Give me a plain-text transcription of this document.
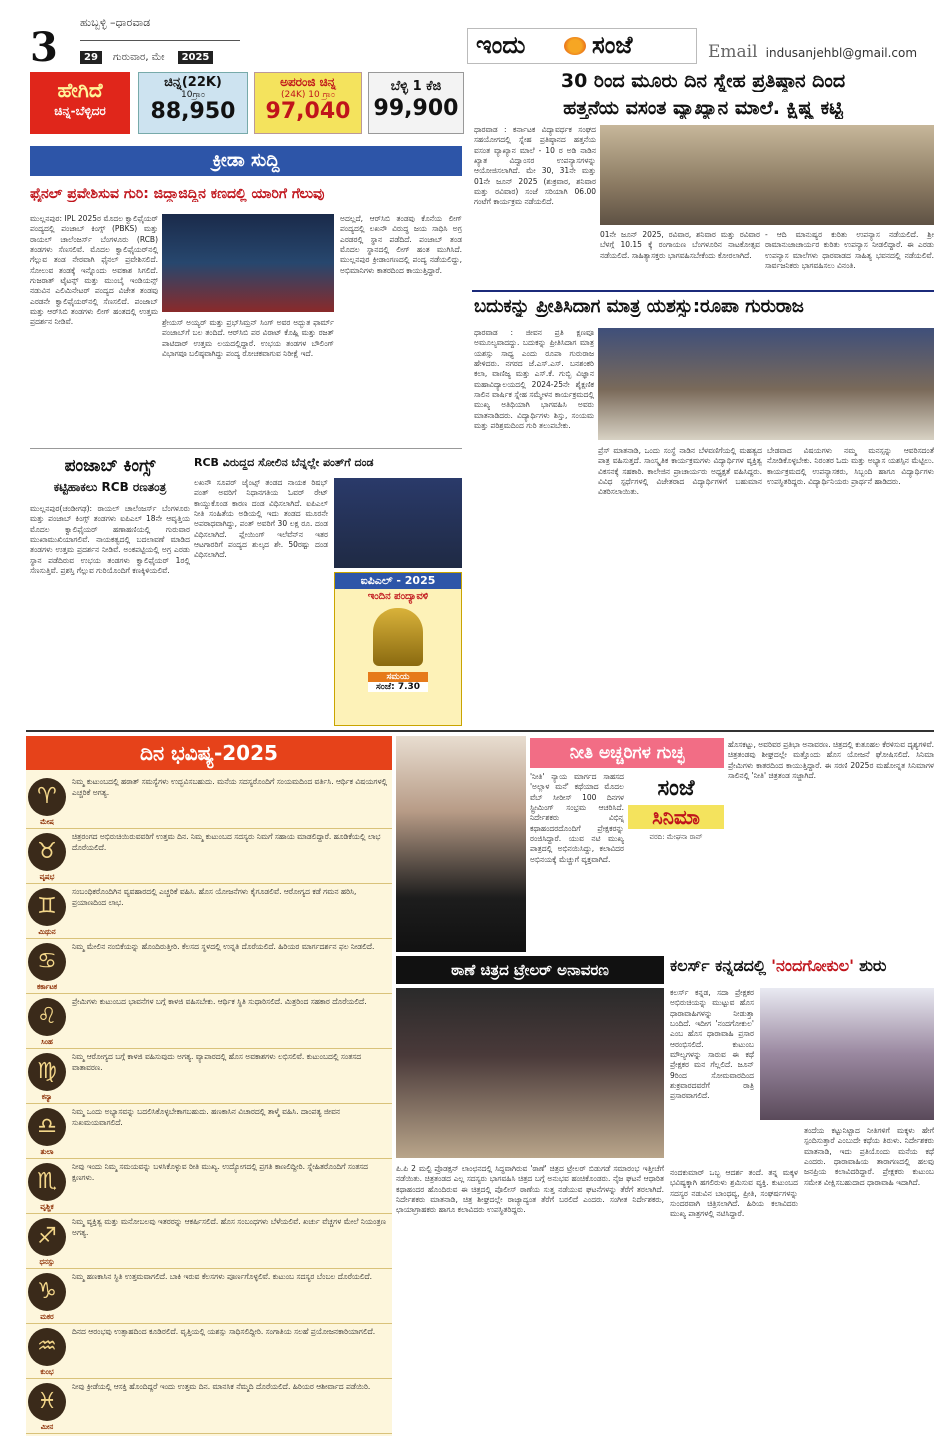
3
ಹುಬ್ಬಳ್ಳಿ –ಧಾರವಾಡ
29 ಗುರುವಾರ, ಮೇ 2025	ಇಂದು	ಸಂಜೆ	Email indusanjehbl@gmail.com
ಹೇಗಿದೆ
ಚಿನ್ನ-ಬೆಳ್ಳಿದರ
ಚಿನ್ನ(22K)
10ಗ್ರಾಂ
88,950
ಅಪರಂಜಿ ಚಿನ್ನ
(24K) 10 ಗ್ರಾಂ
97,040
ಬೆಳ್ಳಿ 1 ಕೆಜಿ
99,900
30 ರಿಂದ ಮೂರು ದಿನ ಸ್ನೇಹ ಪ್ರತಿಷ್ಠಾನ ದಿಂದ
ಹತ್ತನೆಯ ವಸಂತ ವ್ಯಾಖ್ಯಾನ ಮಾಲೆ. ಕ್ಷಿಷ್ಣ ಕಟ್ಟಿ
ಧಾರವಾಡ : ಕರ್ನಾಟಕ ವಿದ್ಯಾವರ್ಧಕ ಸಂಘದ ಸಹಯೋಗದಲ್ಲಿ ಸ್ನೇಹ ಪ್ರತಿಷ್ಠಾನದ ಹತ್ತನೆಯ ವಸಂತ ವ್ಯಾಖ್ಯಾನ ಮಾಲೆ - 10 ರ ಅಡಿ ನಾಡಿನ ಖ್ಯಾತ ವಿದ್ವಾಂಸರ ಉಪನ್ಯಾಸಗಳನ್ನು ಆಯೋಜಿಸಲಾಗಿದೆ. ಮೇ 30, 31ನೇ ಮತ್ತು 01ನೇ ಜೂನ್ 2025 (ಶುಕ್ರವಾರ, ಶನಿವಾರ ಮತ್ತು ರವಿವಾರ) ಸಂಜೆ ಸರಿಯಾಗಿ 06.00 ಗಂಟೆಗೆ ಕಾರ್ಯಕ್ರಮ ನಡೆಯಲಿದೆ.
01ನೇ ಜೂನ್ 2025, ರವಿವಾರ, ಶನಿವಾರ ಮತ್ತು ರವಿವಾರ ಬೆಳಗ್ಗೆ 10.15 ಕ್ಕೆ ರಂಗಾಯಣ ಬೆಂಗಳೂರಿನ ನಾಟಕೋತ್ಸವ ನಡೆಯಲಿದೆ. ಸಾಹಿತ್ಯಾಸಕ್ತರು ಭಾಗವಹಿಸಬೇಕೆಂದು ಕೋರಲಾಗಿದೆ.
- ಆದಿ ಮಾನುಷ್ಯರ ಕುರಿತು ಉಪನ್ಯಾಸ ನಡೆಯಲಿದೆ. ಶ್ರೀ ರಾಮಾನುಜಾಚಾರ್ಯರ ಕುರಿತು ಉಪನ್ಯಾಸ ನೀಡಲಿದ್ದಾರೆ. ಈ ಎರಡು ಉಪನ್ಯಾಸ ಮಾಲೆಗಳು ಧಾರವಾಡದ ಸಾಹಿತ್ಯ ಭವನದಲ್ಲಿ ನಡೆಯಲಿವೆ. ಸಾರ್ವಜನಿಕರು ಭಾಗವಹಿಸಲು ವಿನಂತಿ.
ಬದುಕನ್ನು ಪ್ರೀತಿಸಿದಾಗ ಮಾತ್ರ ಯಶಸ್ಸು:ರೂಪಾ ಗುರುರಾಜ
ಧಾರವಾಡ : ಜೀವನ ಪ್ರತಿ ಕ್ಷಣವೂ ಅಮೂಲ್ಯವಾದದ್ದು. ಬದುಕನ್ನು ಪ್ರೀತಿಸಿದಾಗ ಮಾತ್ರ ಯಶಸ್ಸು ಸಾಧ್ಯ ಎಂದು ರೂಪಾ ಗುರುರಾಜ ಹೇಳಿದರು. ನಗರದ ಜೆ.ಎಸ್.ಎಸ್. ಬನಶಂಕರಿ ಕಲಾ, ವಾಣಿಜ್ಯ ಮತ್ತು ಎಸ್.ಕೆ. ಗುಬ್ಬಿ ವಿಜ್ಞಾನ ಮಹಾವಿದ್ಯಾಲಯದಲ್ಲಿ 2024-25ನೇ ಶೈಕ್ಷಣಿಕ ಸಾಲಿನ ವಾರ್ಷಿಕ ಸ್ನೇಹ ಸಮ್ಮೇಳನ ಕಾರ್ಯಕ್ರಮದಲ್ಲಿ ಮುಖ್ಯ ಅತಿಥಿಯಾಗಿ ಭಾಗವಹಿಸಿ ಅವರು ಮಾತನಾಡಿದರು. ವಿದ್ಯಾರ್ಥಿಗಳು ಶಿಸ್ತು, ಸಂಯಮ ಮತ್ತು ಪರಿಶ್ರಮದಿಂದ ಗುರಿ ತಲುಪಬೇಕು.
ಪ್ರೆಸ್ ಮಾತನಾಡಿ, ಒಂದು ಸಂಸ್ಥೆ ನಾಡಿನ ಬೆಳವಣಿಗೆಯಲ್ಲಿ ಮಹತ್ವದ ಪಾತ್ರ ವಹಿಸುತ್ತದೆ. ಸಾಂಸ್ಕೃತಿಕ ಕಾರ್ಯಕ್ರಮಗಳು ವಿದ್ಯಾರ್ಥಿಗಳ ವ್ಯಕ್ತಿತ್ವ ವಿಕಸನಕ್ಕೆ ಸಹಕಾರಿ. ಕಾಲೇಜಿನ ಪ್ರಾಚಾರ್ಯರು ಅಧ್ಯಕ್ಷತೆ ವಹಿಸಿದ್ದರು. ವಿವಿಧ ಸ್ಪರ್ಧೆಗಳಲ್ಲಿ ವಿಜೇತರಾದ ವಿದ್ಯಾರ್ಥಿಗಳಿಗೆ ಬಹುಮಾನ ವಿತರಿಸಲಾಯಿತು.
ಬೇಡವಾದ ವಿಷಯಗಳು ನಮ್ಮ ಮನಸ್ಸನ್ನು ಆವರಿಸದಂತೆ ನೋಡಿಕೊಳ್ಳಬೇಕು. ನಿರಂತರ ಓದು ಮತ್ತು ಅಭ್ಯಾಸ ಯಶಸ್ಸಿನ ಮೆಟ್ಟಿಲು. ಕಾರ್ಯಕ್ರಮದಲ್ಲಿ ಉಪನ್ಯಾಸಕರು, ಸಿಬ್ಬಂದಿ ಹಾಗೂ ವಿದ್ಯಾರ್ಥಿಗಳು ಉಪಸ್ಥಿತರಿದ್ದರು. ವಿದ್ಯಾರ್ಥಿನಿಯರು ಪ್ರಾರ್ಥನೆ ಹಾಡಿದರು.
ಕ್ರೀಡಾ ಸುದ್ದಿ
ಫೈನಲ್ ಪ್ರವೇಶಿಸುವ ಗುರಿ: ಜಿದ್ದಾಜಿದ್ದಿನ ಕಣದಲ್ಲಿ ಯಾರಿಗೆ ಗೆಲುವು
ಮುಲ್ಲನಪುರ: IPL 2025ರ ಮೊದಲ ಕ್ವಾಲಿಫೈಯರ್ ಪಂದ್ಯದಲ್ಲಿ ಪಂಜಾಬ್ ಕಿಂಗ್ಸ್ (PBKS) ಮತ್ತು ರಾಯಲ್ ಚಾಲೆಂಜರ್ಸ್ ಬೆಂಗಳೂರು (RCB) ತಂಡಗಳು ಸೆಣಸಲಿವೆ. ಮೊದಲ ಕ್ವಾಲಿಫೈಯರ್‌ನಲ್ಲಿ ಗೆಲ್ಲುವ ತಂಡ ನೇರವಾಗಿ ಫೈನಲ್ ಪ್ರವೇಶಿಸಲಿದೆ. ಸೋಲುವ ತಂಡಕ್ಕೆ ಇನ್ನೊಂದು ಅವಕಾಶ ಸಿಗಲಿದೆ. ಗುಜರಾತ್ ಟೈಟನ್ಸ್ ಮತ್ತು ಮುಂಬೈ ಇಂಡಿಯನ್ಸ್ ನಡುವಿನ ಎಲಿಮಿನೇಟರ್ ಪಂದ್ಯದ ವಿಜೇತ ತಂಡವು ಎರಡನೇ ಕ್ವಾಲಿಫೈಯರ್‌ನಲ್ಲಿ ಸೆಣಸಲಿದೆ. ಪಂಜಾಬ್ ಮತ್ತು ಆರ್‌ಸಿಬಿ ತಂಡಗಳು ಲೀಗ್ ಹಂತದಲ್ಲಿ ಉತ್ತಮ ಪ್ರದರ್ಶನ ನೀಡಿವೆ.
ಅದಲ್ಲದೆ, ಆರ್‌ಸಿಬಿ ತಂಡವು ಕೊನೆಯ ಲೀಗ್ ಪಂದ್ಯದಲ್ಲಿ ಲಖನೌ ವಿರುದ್ಧ ಜಯ ಸಾಧಿಸಿ ಅಗ್ರ ಎರಡರಲ್ಲಿ ಸ್ಥಾನ ಪಡೆದಿದೆ. ಪಂಜಾಬ್ ತಂಡ ಮೊದಲ ಸ್ಥಾನದಲ್ಲಿ ಲೀಗ್ ಹಂತ ಮುಗಿಸಿದೆ. ಮುಲ್ಲನಪುರ ಕ್ರೀಡಾಂಗಣದಲ್ಲಿ ಪಂದ್ಯ ನಡೆಯಲಿದ್ದು, ಅಭಿಮಾನಿಗಳು ಕಾತರದಿಂದ ಕಾಯುತ್ತಿದ್ದಾರೆ.
ಶ್ರೇಯಸ್ ಅಯ್ಯರ್ ಮತ್ತು ಪ್ರಭ್‌ಸಿಮ್ರನ್ ಸಿಂಗ್ ಅವರ ಅದ್ಭುತ ಫಾರ್ಮ್ ಪಂಜಾಬ್‌ಗೆ ಬಲ ತಂದಿದೆ. ಆರ್‌ಸಿಬಿ ಪರ ವಿರಾಟ್ ಕೊಹ್ಲಿ ಮತ್ತು ರಜತ್ ಪಾಟಿದಾರ್ ಉತ್ತಮ ಲಯದಲ್ಲಿದ್ದಾರೆ. ಉಭಯ ತಂಡಗಳ ಬೌಲಿಂಗ್ ವಿಭಾಗವೂ ಬಲಿಷ್ಠವಾಗಿದ್ದು ಪಂದ್ಯ ರೋಚಕವಾಗುವ ನಿರೀಕ್ಷೆ ಇದೆ.
ಪಂಜಾಬ್ ಕಿಂಗ್ಸ್
ಕಟ್ಟಿಹಾಕಲು RCB ರಣತಂತ್ರ
ಮುಲ್ಲನಪುರ(ಚಂಡೀಗಢ): ರಾಯಲ್ ಚಾಲೆಂಜರ್ಸ್ ಬೆಂಗಳೂರು ಮತ್ತು ಪಂಜಾಬ್ ಕಿಂಗ್ಸ್ ತಂಡಗಳು ಐಪಿಎಲ್ 18ನೇ ಆವೃತ್ತಿಯ ಮೊದಲ ಕ್ವಾಲಿಫೈಯರ್ ಹಣಾಹಣಿಯಲ್ಲಿ ಗುರುವಾರ ಮುಖಾಮುಖಿಯಾಗಲಿವೆ. ನಾಯಕತ್ವದಲ್ಲಿ ಬದಲಾವಣೆ ಮಾಡಿದ ತಂಡಗಳು ಉತ್ತಮ ಪ್ರದರ್ಶನ ನೀಡಿವೆ. ಅಂಕಪಟ್ಟಿಯಲ್ಲಿ ಅಗ್ರ ಎರಡು ಸ್ಥಾನ ಪಡೆದಿರುವ ಉಭಯ ತಂಡಗಳು ಕ್ವಾಲಿಫೈಯರ್ 1ರಲ್ಲಿ ಸೆಣಸುತ್ತಿವೆ. ಪ್ರಶಸ್ತಿ ಗೆಲ್ಲುವ ಗುರಿಯೊಂದಿಗೆ ಕಣಕ್ಕಿಳಿಯಲಿವೆ.
RCB ವಿರುದ್ಧದ ಸೋಲಿನ ಬೆನ್ನಲ್ಲೇ ಪಂತ್‌ಗೆ ದಂಡ
ಲಖನೌ ಸೂಪರ್ ಜೈಂಟ್ಸ್ ತಂಡದ ನಾಯಕ ರಿಷಭ್ ಪಂತ್ ಅವರಿಗೆ ನಿಧಾನಗತಿಯ ಓವರ್ ರೇಟ್ ಕಾಯ್ದುಕೊಂಡ ಕಾರಣ ದಂಡ ವಿಧಿಸಲಾಗಿದೆ. ಐಪಿಎಲ್ ನೀತಿ ಸಂಹಿತೆಯ ಅಡಿಯಲ್ಲಿ ಇದು ತಂಡದ ಮೂರನೇ ಅಪರಾಧವಾಗಿದ್ದು, ಪಂತ್ ಅವರಿಗೆ 30 ಲಕ್ಷ ರೂ. ದಂಡ ವಿಧಿಸಲಾಗಿದೆ. ಪ್ಲೇಯಿಂಗ್ ಇಲೆವೆನ್‌ನ ಇತರ ಆಟಗಾರರಿಗೆ ಪಂದ್ಯದ ಶುಲ್ಕದ ಶೇ. 50ರಷ್ಟು ದಂಡ ವಿಧಿಸಲಾಗಿದೆ.
ಐಪಿಎಲ್ - 2025
ಇಂದಿನ ಪಂದ್ಯಾವಳಿ
ಸಮಯ
ಸಂಜೆ: 7.30
ದಿನ ಭವಿಷ್ಯ-2025
♈
ಮೇಷ
ನಿಮ್ಮ ಕುಟುಂಬದಲ್ಲಿ ಹಠಾತ್ ಸಮಸ್ಯೆಗಳು ಉದ್ಭವಿಸಬಹುದು. ಮನೆಯ ಸದಸ್ಯರೊಂದಿಗೆ ಸಂಯಮದಿಂದ ವರ್ತಿಸಿ. ಆರ್ಥಿಕ ವಿಷಯಗಳಲ್ಲಿ ಎಚ್ಚರಿಕೆ ಅಗತ್ಯ.
♉
ವೃಷಭ
ಚಿತ್ರರಂಗದ ಅಭಿರುಚಿಯಿರುವವರಿಗೆ ಉತ್ತಮ ದಿನ. ನಿಮ್ಮ ಕುಟುಂಬದ ಸದಸ್ಯರು ನಿಮಗೆ ಸಹಾಯ ಮಾಡಲಿದ್ದಾರೆ. ಹೂಡಿಕೆಯಲ್ಲಿ ಲಾಭ ದೊರೆಯಲಿದೆ.
♊
ಮಿಥುನ
ಸಂಬಂಧಿಕರೊಂದಿಗಿನ ವ್ಯವಹಾರದಲ್ಲಿ ಎಚ್ಚರಿಕೆ ವಹಿಸಿ. ಹೊಸ ಯೋಜನೆಗಳು ಕೈಗೂಡಲಿವೆ. ಆರೋಗ್ಯದ ಕಡೆ ಗಮನ ಹರಿಸಿ, ಪ್ರಯಾಣದಿಂದ ಲಾಭ.
♋
ಕರ್ಕಾಟಕ
ನಿಮ್ಮ ಮೇಲಿನ ನಂಬಿಕೆಯನ್ನು ಹೊಂದಿರುತ್ತೀರಿ. ಕೆಲಸದ ಸ್ಥಳದಲ್ಲಿ ಉನ್ನತಿ ದೊರೆಯಲಿದೆ. ಹಿರಿಯರ ಮಾರ್ಗದರ್ಶನ ಫಲ ನೀಡಲಿದೆ.
♌
ಸಿಂಹ
ಪ್ರೇಮಿಗಳು ಕುಟುಂಬದ ಭಾವನೆಗಳ ಬಗ್ಗೆ ಕಾಳಜಿ ವಹಿಸಬೇಕು. ಆರ್ಥಿಕ ಸ್ಥಿತಿ ಸುಧಾರಿಸಲಿದೆ. ಮಿತ್ರರಿಂದ ಸಹಕಾರ ದೊರೆಯಲಿದೆ.
♍
ಕನ್ಯಾ
ನಿಮ್ಮ ಆರೋಗ್ಯದ ಬಗ್ಗೆ ಕಾಳಜಿ ವಹಿಸುವುದು ಅಗತ್ಯ. ವ್ಯಾಪಾರದಲ್ಲಿ ಹೊಸ ಅವಕಾಶಗಳು ಲಭಿಸಲಿವೆ. ಕುಟುಂಬದಲ್ಲಿ ಸಂತಸದ ವಾತಾವರಣ.
♎
ತುಲಾ
ನಿಮ್ಮ ಒಂದು ಅಭ್ಯಾಸವನ್ನು ಬದಲಿಸಿಕೊಳ್ಳಬೇಕಾಗಬಹುದು. ಹಣಕಾಸಿನ ವಿಚಾರದಲ್ಲಿ ತಾಳ್ಮೆ ವಹಿಸಿ. ದಾಂಪತ್ಯ ಜೀವನ ಸುಖಮಯವಾಗಲಿದೆ.
♏
ವೃಶ್ಚಿಕ
ನೀವು ಇಂದು ನಿಮ್ಮ ಸಮಯವನ್ನು ಬಳಸಿಕೊಳ್ಳುವ ರೀತಿ ಮುಖ್ಯ. ಉದ್ಯೋಗದಲ್ಲಿ ಪ್ರಗತಿ ಕಾಣಲಿದ್ದೀರಿ. ಸ್ನೇಹಿತರೊಂದಿಗೆ ಸಂತಸದ ಕ್ಷಣಗಳು.
♐
ಧನಸ್ಸು
ನಿಮ್ಮ ವ್ಯಕ್ತಿತ್ವ ಮತ್ತು ಮನೋಬಲವು ಇತರರನ್ನು ಆಕರ್ಷಿಸಲಿದೆ. ಹೊಸ ಸಂಬಂಧಗಳು ಬೆಳೆಯಲಿವೆ. ಖರ್ಚು ವೆಚ್ಚಗಳ ಮೇಲೆ ನಿಯಂತ್ರಣ ಅಗತ್ಯ.
♑
ಮಕರ
ನಿಮ್ಮ ಹಣಕಾಸಿನ ಸ್ಥಿತಿ ಉತ್ತಮವಾಗಲಿದೆ. ಬಾಕಿ ಇರುವ ಕೆಲಸಗಳು ಪೂರ್ಣಗೊಳ್ಳಲಿವೆ. ಕುಟುಂಬ ಸದಸ್ಯರ ಬೆಂಬಲ ದೊರೆಯಲಿದೆ.
♒
ಕುಂಭ
ದಿನದ ಆರಂಭವು ಉತ್ಸಾಹದಿಂದ ಕೂಡಿರಲಿದೆ. ವೃತ್ತಿಯಲ್ಲಿ ಯಶಸ್ಸು ಸಾಧಿಸಲಿದ್ದೀರಿ. ಸಂಗಾತಿಯ ಸಲಹೆ ಪ್ರಯೋಜನಕಾರಿಯಾಗಲಿದೆ.
♓
ಮೀನ
ನೀವು ಕ್ರೀಡೆಯಲ್ಲಿ ಆಸಕ್ತಿ ಹೊಂದಿದ್ದರೆ ಇಂದು ಉತ್ತಮ ದಿನ. ಮಾನಸಿಕ ನೆಮ್ಮದಿ ದೊರೆಯಲಿದೆ. ಹಿರಿಯರ ಆಶೀರ್ವಾದ ಪಡೆಯಿರಿ.
ನೀತಿ ಅಚ್ಚರಿಗಳ ಗುಚ್ಛ
'ನೀತಿ' ನ್ಯಾಯ ಮಾರ್ಗದ ಸಾಹಸದ 'ಅಲ್ಲಾಳ ಮನೆ' ಕಥೆಯಾದ ಮೊದಲ ವೆಬ್ ಸೀರೀಸ್ 100 ದಿನಗಳ ಸ್ಟ್ರೀಮಿಂಗ್ ಸಂಭ್ರಮ ಆಚರಿಸಿದೆ. ನಿರ್ದೇಶಕರು ವಿಭಿನ್ನ ಕಥಾಹಂದರದೊಂದಿಗೆ ಪ್ರೇಕ್ಷಕರನ್ನು ರಂಜಿಸಿದ್ದಾರೆ. ಯುವ ನಟಿ ಮುಖ್ಯ ಪಾತ್ರದಲ್ಲಿ ಅಭಿನಯಿಸಿದ್ದು, ಕಲಾವಿದರ ಅಭಿನಯಕ್ಕೆ ಮೆಚ್ಚುಗೆ ವ್ಯಕ್ತವಾಗಿದೆ.
ಸಂಜೆ
ಸಿನಿಮಾ
ವರದಿ: ಮೇಘನಾ ರಾವ್
ಹೊಸಕಟ್ಟು, ಅವರಿವರ ಪ್ರತಿಭಾ ಅನಾವರಣ. ಚಿತ್ರದಲ್ಲಿ ಕುತೂಹಲ ಕೆರಳಿಸುವ ದೃಶ್ಯಗಳಿವೆ. ಚಿತ್ರತಂಡವು ಶೀಘ್ರದಲ್ಲೇ ಮತ್ತೊಂದು ಹೊಸ ಯೋಜನೆ ಘೋಷಿಸಲಿದೆ. ಸಿನಿಮಾ ಪ್ರೇಮಿಗಳು ಕಾತರದಿಂದ ಕಾಯುತ್ತಿದ್ದಾರೆ. ಈ ಸರಣಿ 2025ರ ಮಹೋನ್ನತ ಸಿನಿಮಾಗಳ ಸಾಲಿನಲ್ಲಿ 'ನೀತಿ' ಚಿತ್ರತಂಡ ಸಜ್ಜಾಗಿದೆ.
ಠಾಣೆ ಚಿತ್ರದ ಟ್ರೇಲರ್ ಅನಾವರಣ
ಪಿ.ಪಿ 2 ಮಲ್ಟಿ ಪ್ರೊಡಕ್ಷನ್ ಲಾಂಛನದಲ್ಲಿ ಸಿದ್ಧವಾಗಿರುವ 'ಠಾಣೆ' ಚಿತ್ರದ ಟ್ರೇಲರ್ ಬಿಡುಗಡೆ ಸಮಾರಂಭ ಇತ್ತೀಚೆಗೆ ನಡೆಯಿತು. ಚಿತ್ರತಂಡದ ಎಲ್ಲ ಸದಸ್ಯರು ಭಾಗವಹಿಸಿ ಚಿತ್ರದ ಬಗ್ಗೆ ಅನುಭವ ಹಂಚಿಕೊಂಡರು. ನೈಜ ಘಟನೆ ಆಧಾರಿತ ಕಥಾಹಂದರ ಹೊಂದಿರುವ ಈ ಚಿತ್ರದಲ್ಲಿ ಪೊಲೀಸ್ ಠಾಣೆಯ ಸುತ್ತ ನಡೆಯುವ ಘಟನೆಗಳನ್ನು ತೆರೆಗೆ ತರಲಾಗಿದೆ. ನಿರ್ದೇಶಕರು ಮಾತನಾಡಿ, ಚಿತ್ರ ಶೀಘ್ರದಲ್ಲೇ ರಾಜ್ಯಾದ್ಯಂತ ತೆರೆಗೆ ಬರಲಿದೆ ಎಂದರು. ಸಂಗೀತ ನಿರ್ದೇಶಕರು, ಛಾಯಾಗ್ರಾಹಕರು ಹಾಗೂ ಕಲಾವಿದರು ಉಪಸ್ಥಿತರಿದ್ದರು.
ಕಲರ್ಸ್ ಕನ್ನಡದಲ್ಲಿ 'ನಂದಗೋಕುಲ' ಶುರು
ಕಲರ್ಸ್ ಕನ್ನಡ, ಸದಾ ಪ್ರೇಕ್ಷಕರ ಅಭಿರುಚಿಯನ್ನು ಮುಟ್ಟುವ ಹೊಸ ಧಾರಾವಾಹಿಗಳನ್ನು ನೀಡುತ್ತಾ ಬಂದಿದೆ. ಇದೀಗ 'ನಂದಗೋಕುಲ' ಎಂಬ ಹೊಸ ಧಾರಾವಾಹಿ ಪ್ರಸಾರ ಆರಂಭಿಸಲಿದೆ. ಕುಟುಂಬ ಮೌಲ್ಯಗಳನ್ನು ಸಾರುವ ಈ ಕಥೆ ಪ್ರೇಕ್ಷಕರ ಮನ ಗೆಲ್ಲಲಿದೆ. ಜೂನ್ 9ರಿಂದ ಸೋಮವಾರದಿಂದ ಶುಕ್ರವಾರದವರೆಗೆ ರಾತ್ರಿ ಪ್ರಸಾರವಾಗಲಿದೆ.
ತಂದೆಯ ಕಟ್ಟುನಿಟ್ಟಾದ ನೀತಿಗಳಿಗೆ ಮಕ್ಕಳು ಹೇಗೆ ಸ್ಪಂದಿಸುತ್ತಾರೆ ಎಂಬುದೇ ಕಥೆಯ ತಿರುಳು. ನಿರ್ದೇಶಕರು ಮಾತನಾಡಿ, ಇದು ಪ್ರತಿಯೊಂದು ಮನೆಯ ಕಥೆ ಎಂದರು. ಧಾರಾವಾಹಿಯ ತಾರಾಗಣದಲ್ಲಿ ಹಲವು ಜನಪ್ರಿಯ ಕಲಾವಿದರಿದ್ದಾರೆ. ಪ್ರೇಕ್ಷಕರು ಕುಟುಂಬ ಸಮೇತ ವೀಕ್ಷಿಸಬಹುದಾದ ಧಾರಾವಾಹಿ ಇದಾಗಿದೆ.
ನಂದಕುಮಾರ್ ಒಬ್ಬ ಆದರ್ಶ ತಂದೆ. ತನ್ನ ಮಕ್ಕಳ ಭವಿಷ್ಯಕ್ಕಾಗಿ ಹಗಲಿರುಳು ಶ್ರಮಿಸುವ ವ್ಯಕ್ತಿ. ಕುಟುಂಬದ ಸದಸ್ಯರ ನಡುವಿನ ಬಾಂಧವ್ಯ, ಪ್ರೀತಿ, ಸಂಘರ್ಷಗಳನ್ನು ಸುಂದರವಾಗಿ ಚಿತ್ರಿಸಲಾಗಿದೆ. ಹಿರಿಯ ಕಲಾವಿದರು ಮುಖ್ಯ ಪಾತ್ರಗಳಲ್ಲಿ ನಟಿಸಿದ್ದಾರೆ.
